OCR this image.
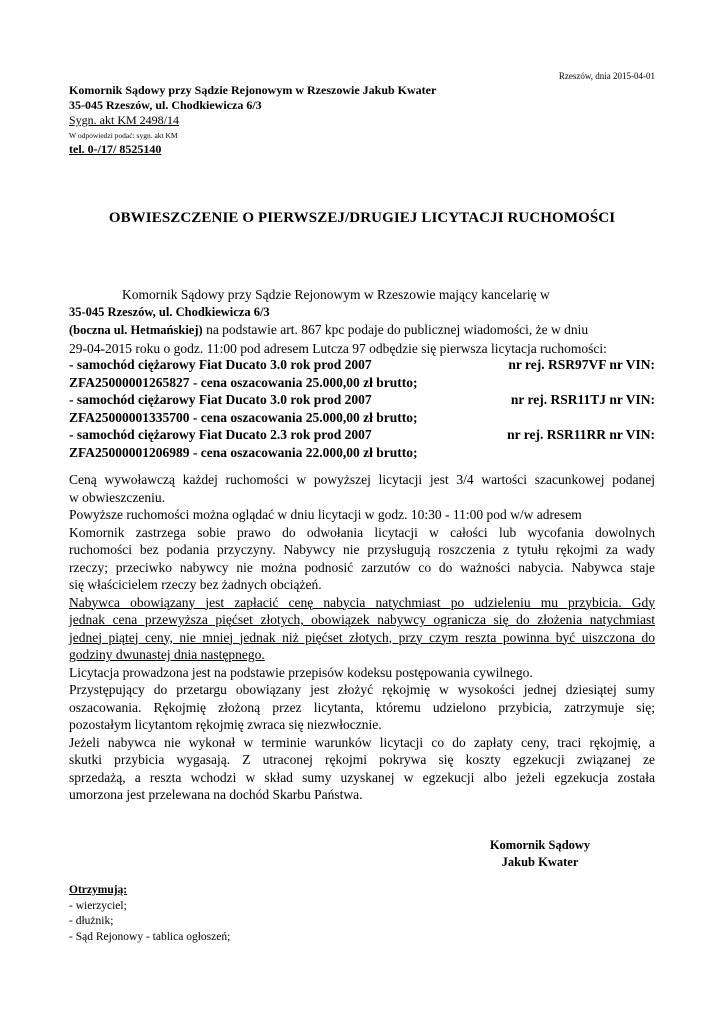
Rzeszów, dnia 2015-04-01
Komornik Sądowy przy Sądzie Rejonowym w Rzeszowie Jakub Kwater
35-045 Rzeszów, ul. Chodkiewicza 6/3
Sygn. akt KM 2498/14
W odpowiedzi podać: sygn. akt KM
tel. 0-/17/ 8525140
OBWIESZCZENIE O PIERWSZEJ/DRUGIEJ LICYTACJI RUCHOMOŚCI
Komornik Sądowy przy Sądzie Rejonowym w Rzeszowie mający kancelarię w
35-045 Rzeszów, ul. Chodkiewicza 6/3
(boczna ul. Hetmańskiej) na podstawie art. 867 kpc podaje do publicznej wiadomości, że w dniu
29-04-2015 roku o godz. 11:00 pod adresem Lutcza 97 odbędzie się pierwsza licytacja ruchomości:
- samochód ciężarowy Fiat Ducato 3.0 rok prod 2007	nr rej. RSR97VF nr VIN:
ZFA25000001265827 - cena oszacowania 25.000,00 zł brutto;
- samochód ciężarowy Fiat Ducato 3.0 rok prod 2007	nr rej. RSR11TJ nr VIN:
ZFA25000001335700 - cena oszacowania 25.000,00 zł brutto;
- samochód ciężarowy Fiat Ducato 2.3 rok prod 2007	nr rej. RSR11RR nr VIN:
ZFA25000001206989 - cena oszacowania 22.000,00 zł brutto;
Ceną wywoławczą każdej ruchomości w powyższej licytacji jest 3/4 wartości szacunkowej podanej
w obwieszczeniu.
Powyższe ruchomości można oglądać w dniu licytacji w godz. 10:30 - 11:00 pod w/w adresem
Komornik zastrzega sobie prawo do odwołania licytacji w całości lub wycofania dowolnych
ruchomości bez podania przyczyny. Nabywcy nie przysługują roszczenia z tytułu rękojmi za wady
rzeczy; przeciwko nabywcy nie można podnosić zarzutów co do ważności nabycia. Nabywca staje
się właścicielem rzeczy bez żadnych obciążeń.
Nabywca obowiązany jest zapłacić cenę nabycia natychmiast po udzieleniu mu przybicia. Gdy
jednak cena przewyższa pięćset złotych, obowiązek nabywcy ogranicza się do złożenia natychmiast
jednej piątej ceny, nie mniej jednak niż pięćset złotych, przy czym reszta powinna być uiszczona do
godziny dwunastej dnia następnego.
Licytacja prowadzona jest na podstawie przepisów kodeksu postępowania cywilnego.
Przystępujący do przetargu obowiązany jest złożyć rękojmię w wysokości jednej dziesiątej sumy
oszacowania. Rękojmię złożoną przez licytanta, któremu udzielono przybicia, zatrzymuje się;
pozostałym licytantom rękojmię zwraca się niezwłocznie.
Jeżeli nabywca nie wykonał w terminie warunków licytacji co do zapłaty ceny, traci rękojmię, a
skutki przybicia wygasają. Z utraconej rękojmi pokrywa się koszty egzekucji związanej ze
sprzedażą, a reszta wchodzi w skład sumy uzyskanej w egzekucji albo jeżeli egzekucja została
umorzona jest przelewana na dochód Skarbu Państwa.
Komornik Sądowy
Jakub Kwater
Otrzymują:
- wierzyciel;
- dłużnik;
- Sąd Rejonowy - tablica ogłoszeń;
